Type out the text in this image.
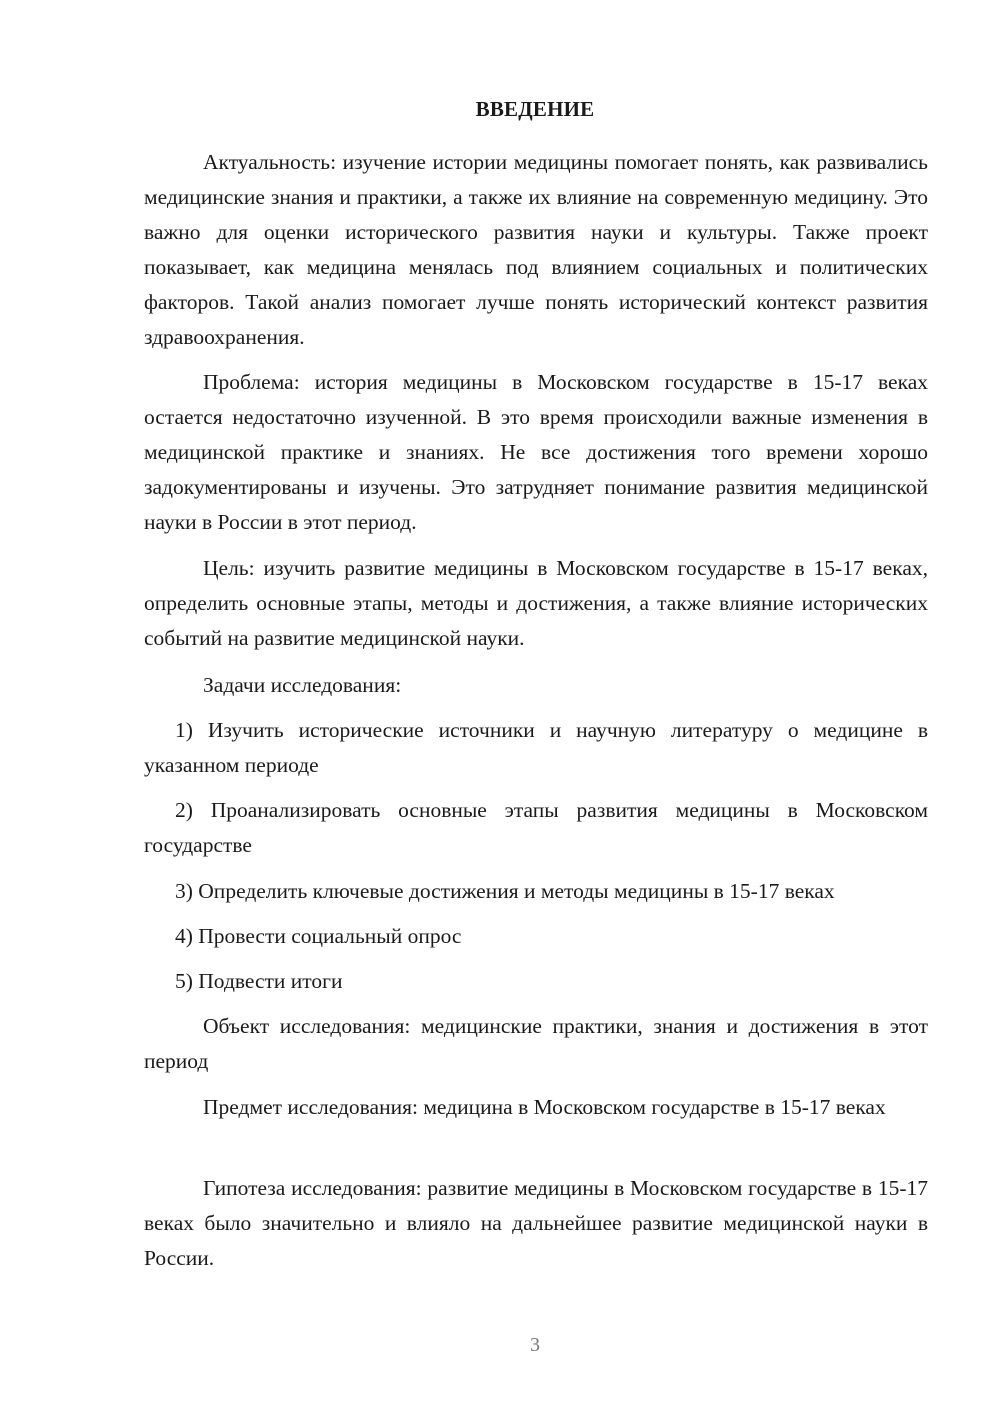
ВВЕДЕНИЕ

Актуальность: изучение истории медицины помогает понять, как развивались медицинские знания и практики, а также их влияние на современную медицину. Это важно для оценки исторического развития науки и культуры. Также проект показывает, как медицина менялась под влиянием социальных и политических факторов. Такой анализ помогает лучше понять исторический контекст развития здравоохранения.

Проблема: история медицины в Московском государстве в 15-17 веках остается недостаточно изученной. В это время происходили важные изменения в медицинской практике и знаниях. Не все достижения того времени хорошо задокументированы и изучены. Это затрудняет понимание развития медицинской науки в России в этот период.

Цель: изучить развитие медицины в Московском государстве в 15-17 веках, определить основные этапы, методы и достижения, а также влияние исторических событий на развитие медицинской науки.

Задачи исследования:

1) Изучить исторические источники и научную литературу о медицине в указанном периоде

2) Проанализировать основные этапы развития медицины в Московском государстве

3) Определить ключевые достижения и методы медицины в 15-17 веках

4) Провести социальный опрос

5) Подвести итоги

Объект исследования: медицинские практики, знания и достижения в этот период

Предмет исследования: медицина в Московском государстве в 15-17 веках

Гипотеза исследования: развитие медицины в Московском государстве в 15-17 веках было значительно и влияло на дальнейшее развитие медицинской науки в России.

3
